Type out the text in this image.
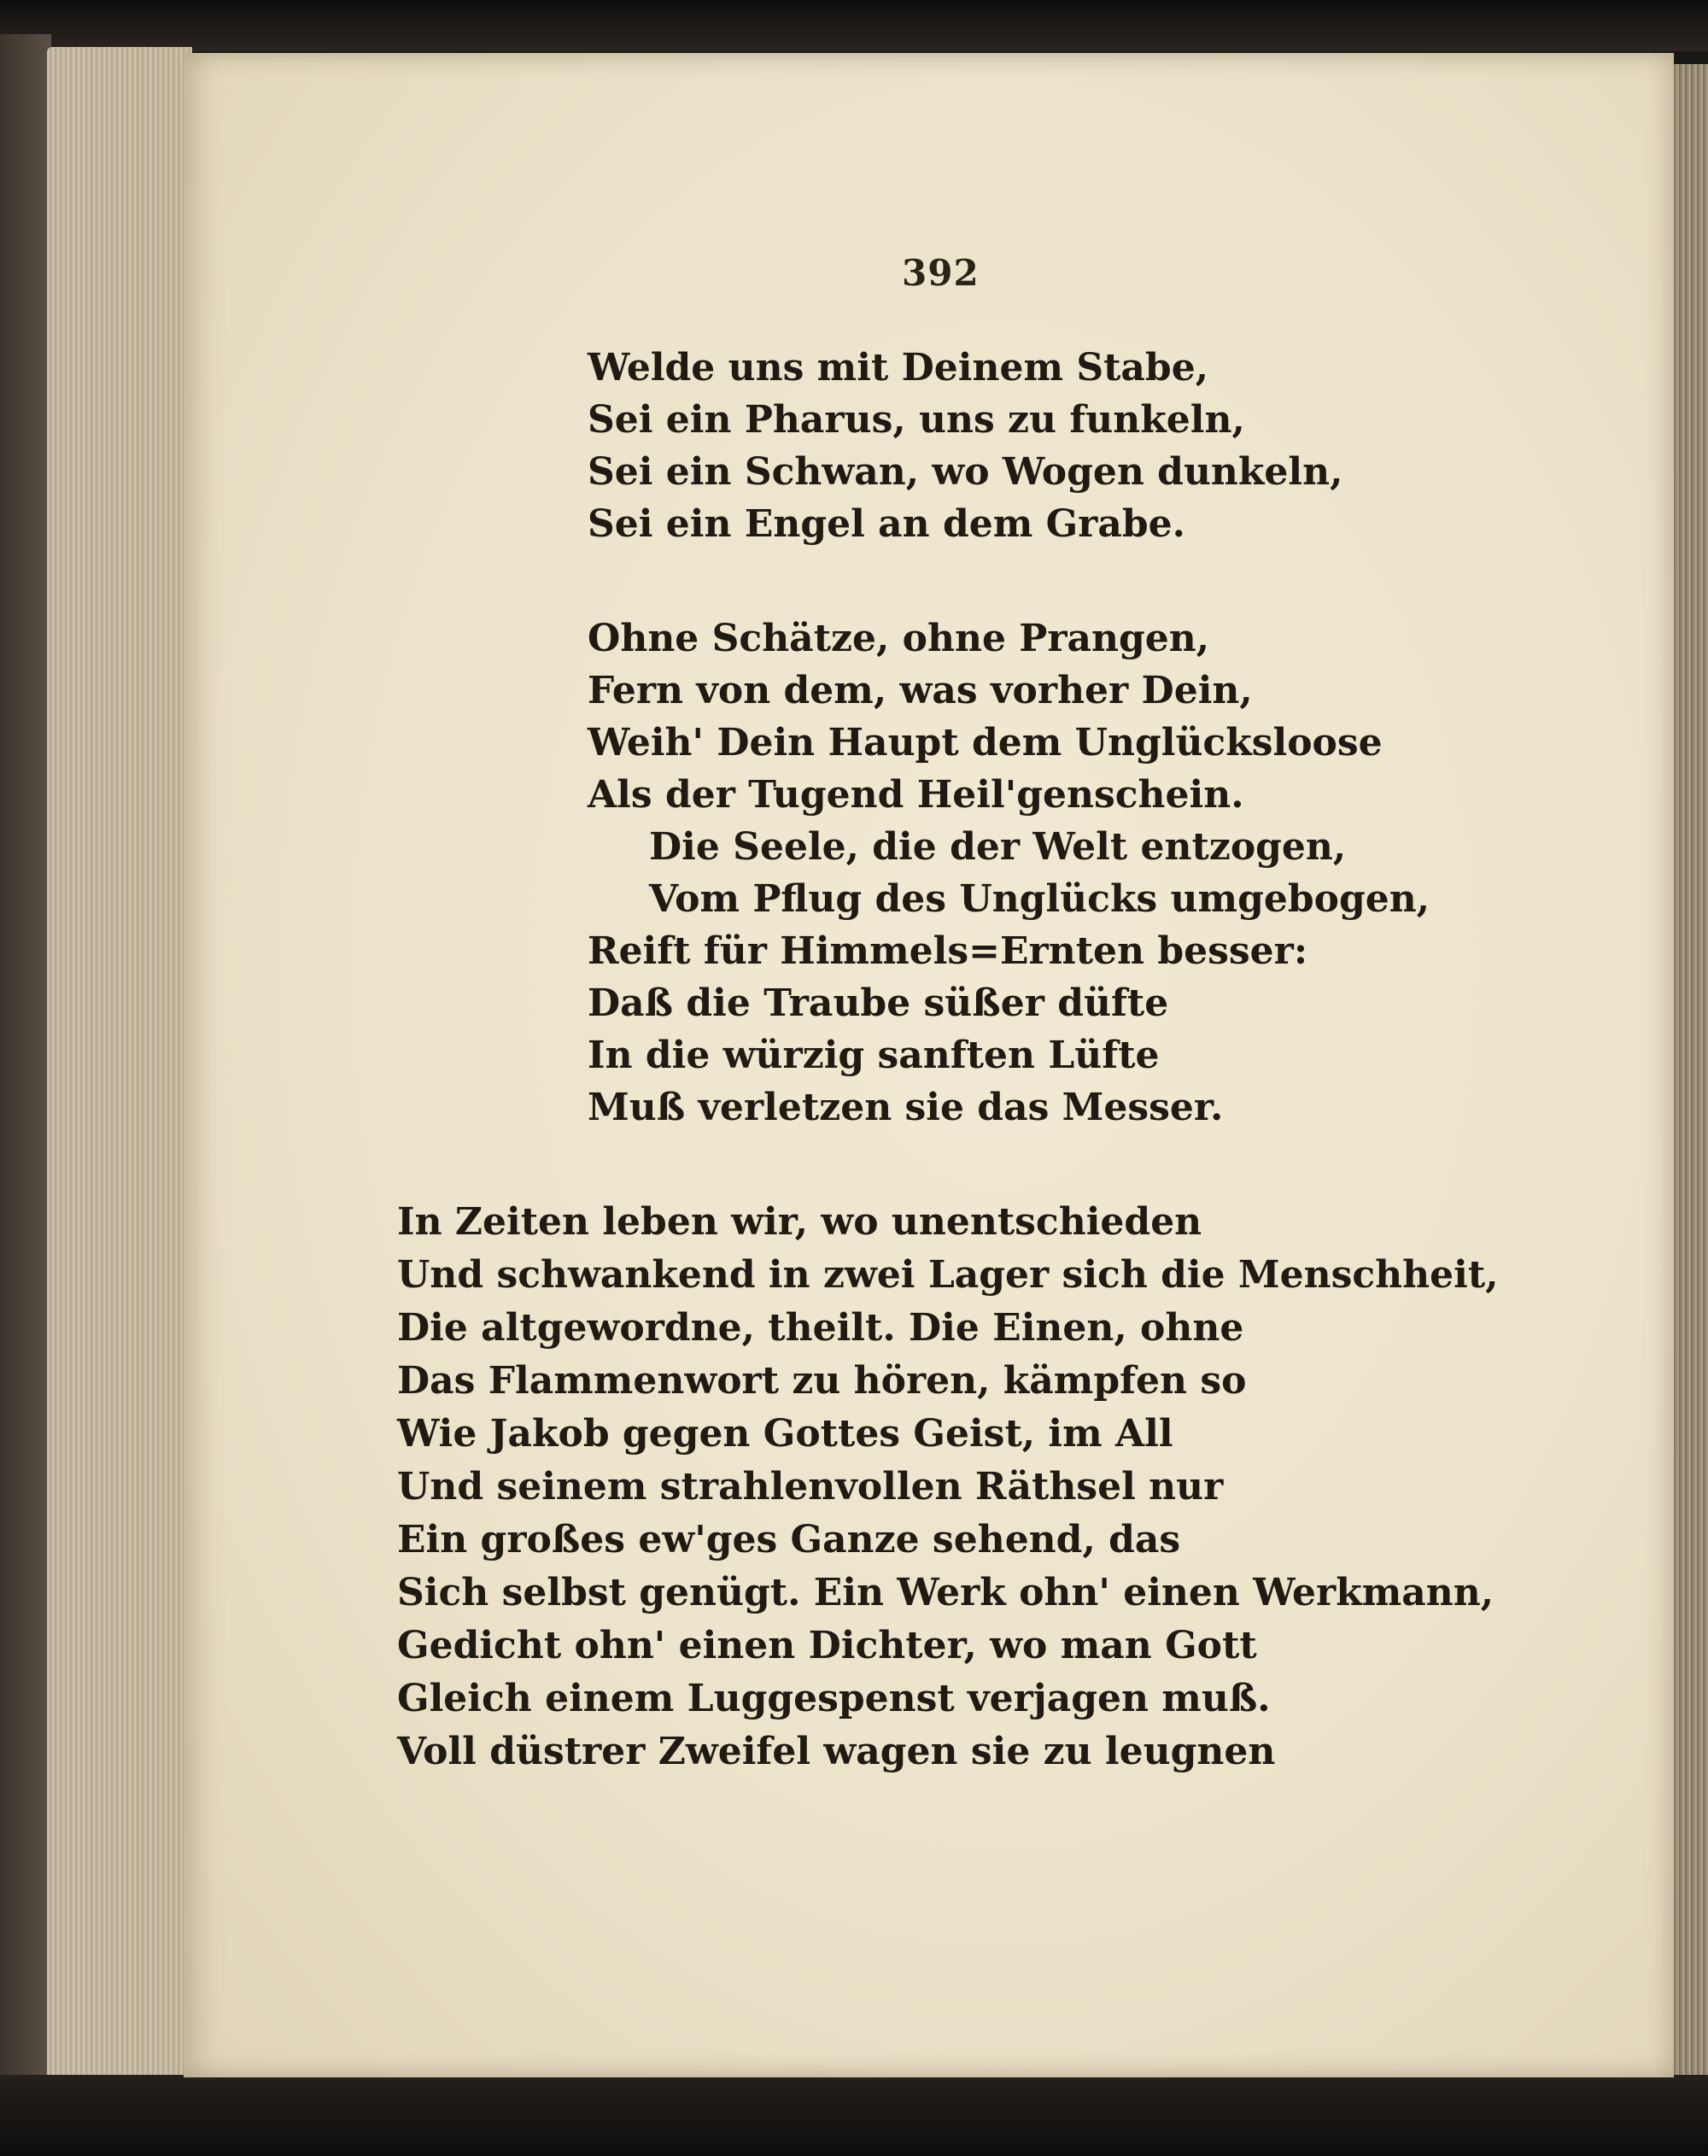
392
Welde uns mit Deinem Stabe,
Sei ein Pharus, uns zu funkeln,
Sei ein Schwan, wo Wogen dunkeln,
Sei ein Engel an dem Grabe.
Ohne Schätze, ohne Prangen,
Fern von dem, was vorher Dein,
Weih' Dein Haupt dem Unglücksloose
Als der Tugend Heil'genschein.
Die Seele, die der Welt entzogen,
Vom Pflug des Unglücks umgebogen,
Reift für Himmels=Ernten besser:
Daß die Traube süßer düfte
In die würzig sanften Lüfte
Muß verletzen sie das Messer.
In Zeiten leben wir, wo unentschieden
Und schwankend in zwei Lager sich die Menschheit,
Die altgewordne, theilt. Die Einen, ohne
Das Flammenwort zu hören, kämpfen so
Wie Jakob gegen Gottes Geist, im All
Und seinem strahlenvollen Räthsel nur
Ein großes ew'ges Ganze sehend, das
Sich selbst genügt. Ein Werk ohn' einen Werkmann,
Gedicht ohn' einen Dichter, wo man Gott
Gleich einem Luggespenst verjagen muß.
Voll düstrer Zweifel wagen sie zu leugnen
